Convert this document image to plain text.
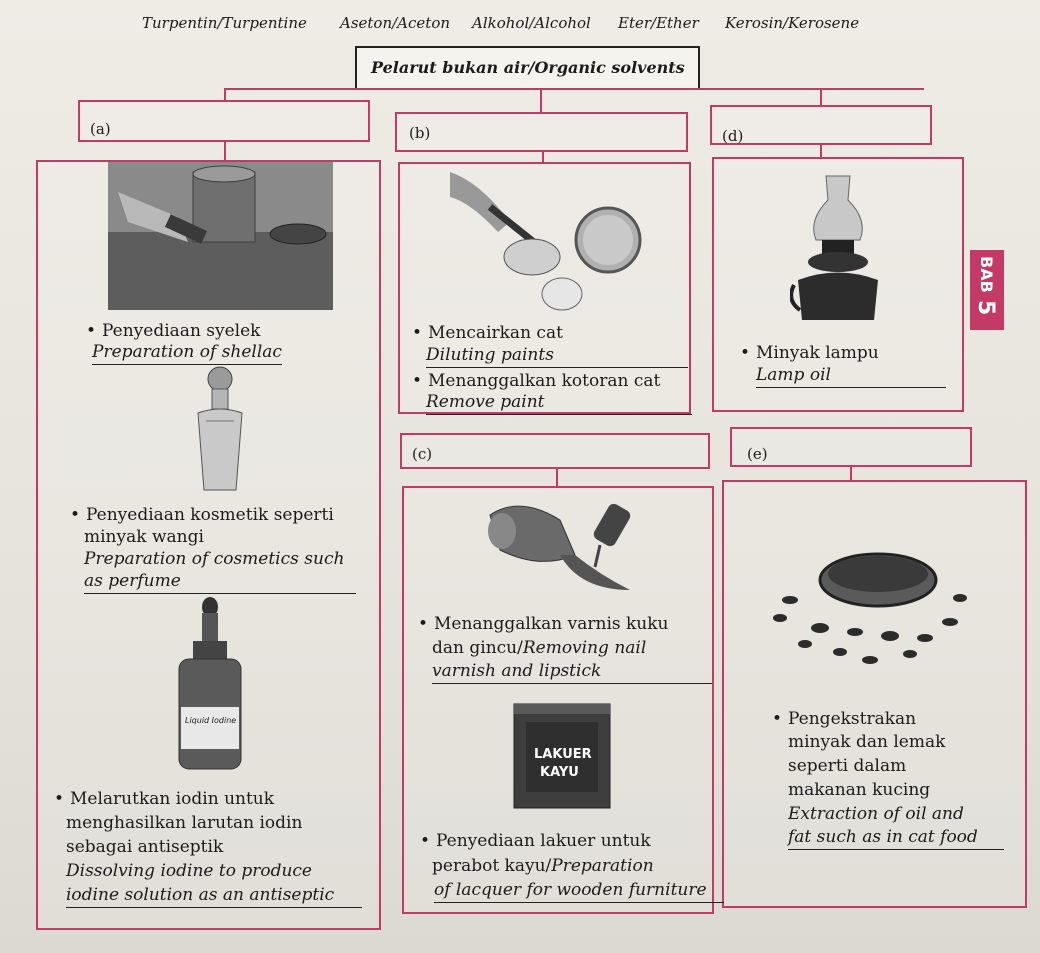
Turpentin/Turpentine Aseton/Aceton Alkohol/Alcohol Eter/Ether Kerosin/Kerosene
Pelarut bukan air/Organic solvents
(a)	(b)	(d)
(c)	(e)
BAB
5
Liquid Iodine
• Penyediaan syelek
Preparation of shellac
• Penyediaan kosmetik seperti
minyak wangi
Preparation of cosmetics such
as perfume
• Melarutkan iodin untuk
menghasilkan larutan iodin
sebagai antiseptik
Dissolving iodine to produce
iodine solution as an antiseptic
• Mencairkan cat
Diluting paints
• Menanggalkan kotoran cat
Remove paint
• Minyak lampu
Lamp oil
• Menanggalkan varnis kuku
dan gincu/Removing nail
varnish and lipstick
LAKUER
KAYU
• Penyediaan lakuer untuk
perabot kayu/Preparation
of lacquer for wooden furniture
• Pengekstrakan
minyak dan lemak
seperti dalam
makanan kucing
Extraction of oil and
fat such as in cat food
